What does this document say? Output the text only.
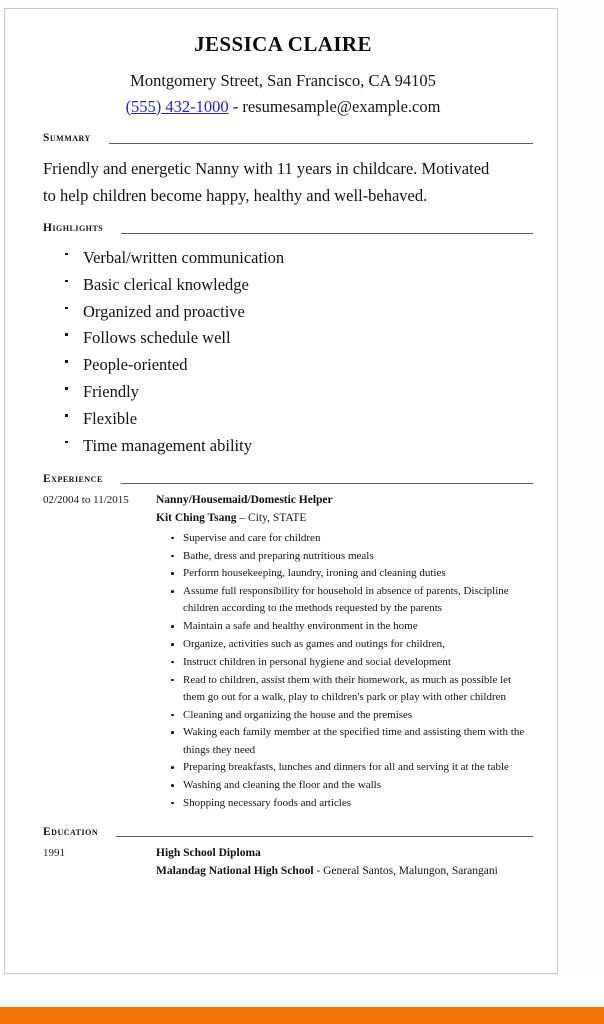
JESSICA CLAIRE
Montgomery Street, San Francisco, CA 94105
(555) 432-1000 - resumesample@example.com
Summary
Friendly and energetic Nanny with 11 years in childcare. Motivated to help children become happy, healthy and well-behaved.
Highlights
Verbal/written communication
Basic clerical knowledge
Organized and proactive
Follows schedule well
People-oriented
Friendly
Flexible
Time management ability
Experience
02/2004 to 11/2015	Nanny/Housemaid/Domestic Helper
Kit Ching Tsang – City, STATE
Supervise and care for children
Bathe, dress and preparing nutritious meals
Perform housekeeping, laundry, ironing and cleaning duties
Assume full responsibility for household in absence of parents, Discipline children according to the methods requested by the parents
Maintain a safe and healthy environment in the home
Organize, activities such as games and outings for children,
Instruct children in personal hygiene and social development
Read to children, assist them with their homework, as much as possible let them go out for a walk, play to children's park or play with other children
Cleaning and organizing the house and the premises
Waking each family member at the specified time and assisting them with the things they need
Preparing breakfasts, lunches and dinners for all and serving it at the table
Washing and cleaning the floor and the walls
Shopping necessary foods and articles
Education
1991	High School Diploma
Malandag National High School - General Santos, Malungon, Sarangani
